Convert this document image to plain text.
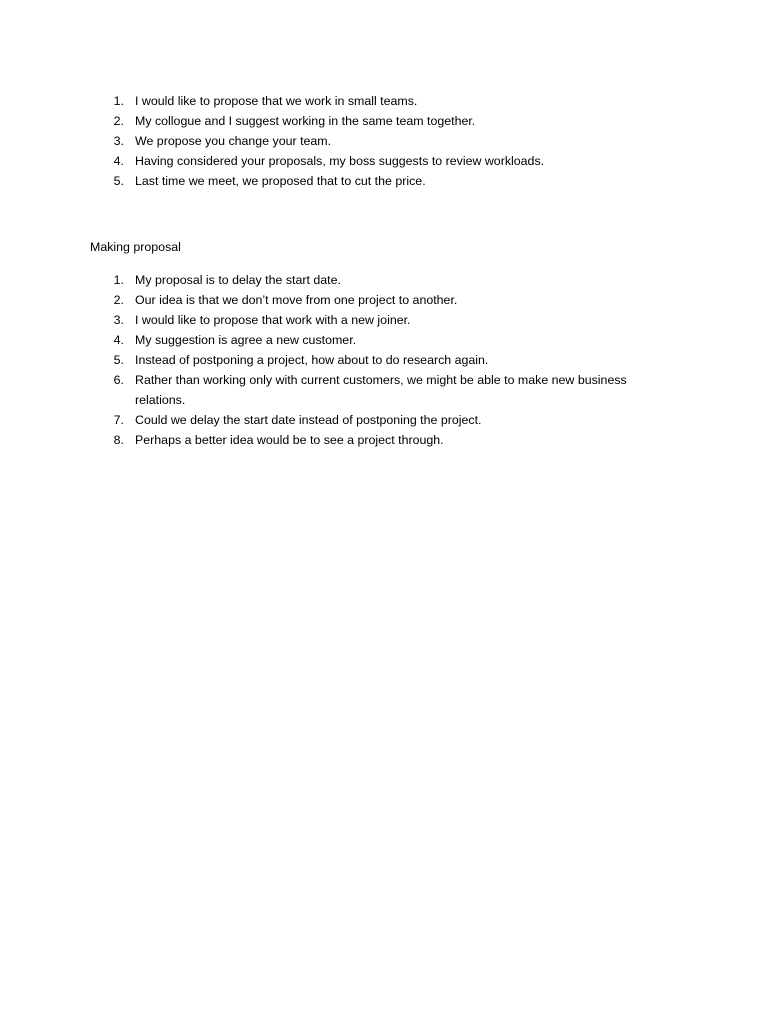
1. I would like to propose that we work in small teams.
2. My collogue and I suggest working in the same team together.
3. We propose you change your team.
4. Having considered your proposals, my boss suggests to review workloads.
5. Last time we meet, we proposed that to cut the price.
Making proposal
1. My proposal is to delay the start date.
2. Our idea is that we don’t move from one project to another.
3. I would like to propose that work with a new joiner.
4. My suggestion is agree a new customer.
5. Instead of postponing a project, how about to do research again.
6. Rather than working only with current customers, we might be able to make new business relations.
7. Could we delay the start date instead of postponing the project.
8. Perhaps a better idea would be to see a project through.
